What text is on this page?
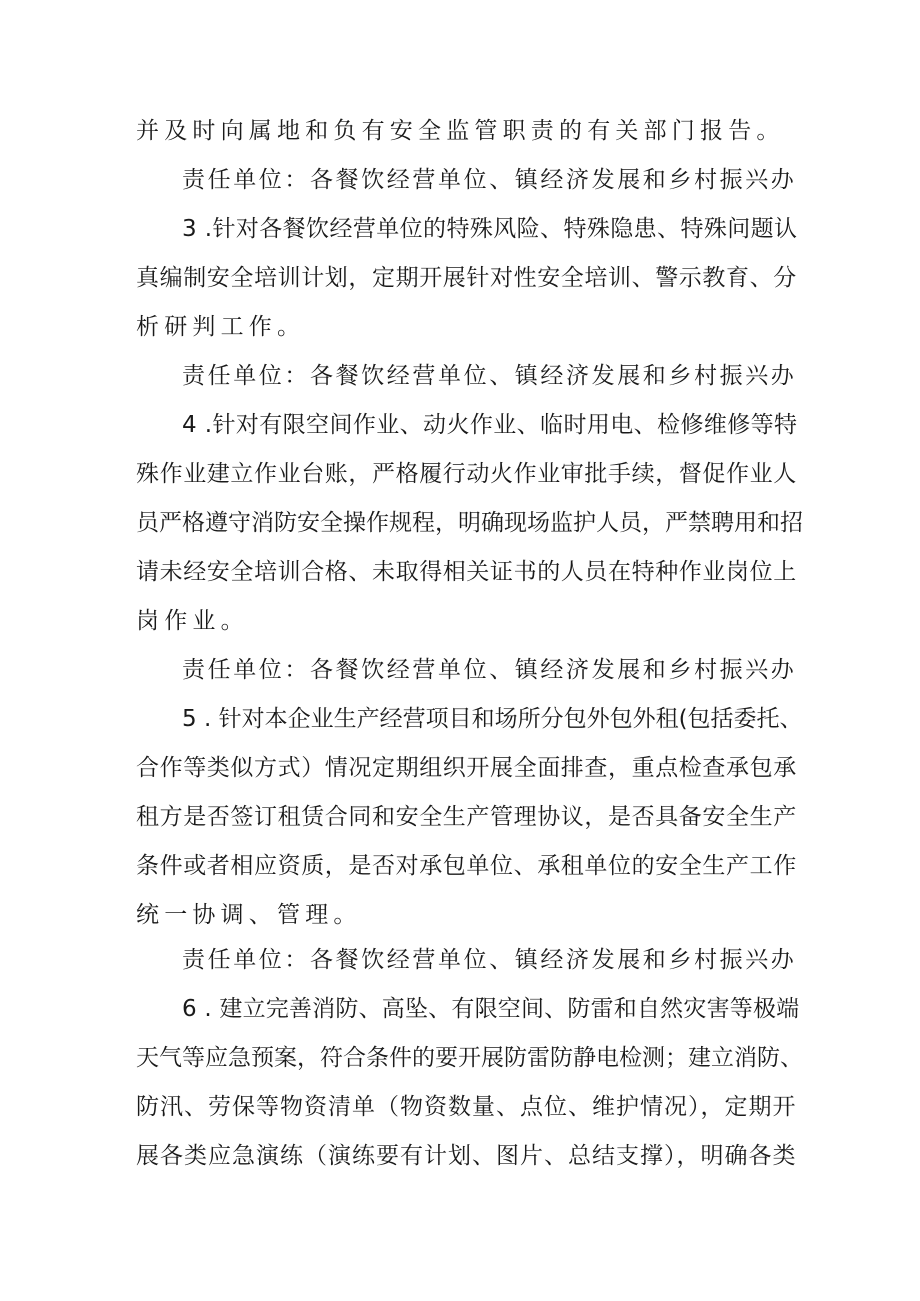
并及时向属地和负有安全监管职责的有关部门报告。
责任单位：各餐饮经营单位、镇经济发展和乡村振兴办
3 .针对各餐饮经营单位的特殊风险、特殊隐患、特殊问题认
真编制安全培训计划，定期开展针对性安全培训、警示教育、分
析研判工作。
责任单位：各餐饮经营单位、镇经济发展和乡村振兴办
4 .针对有限空间作业、动火作业、临时用电、检修维修等特
殊作业建立作业台账，严格履行动火作业审批手续，督促作业人
员严格遵守消防安全操作规程，明确现场监护人员，严禁聘用和招
请未经安全培训合格、未取得相关证书的人员在特种作业岗位上
岗作业。
责任单位：各餐饮经营单位、镇经济发展和乡村振兴办
5 . 针对本企业生产经营项目和场所分包外包外租(包括委托、
合作等类似方式）情况定期组织开展全面排查，重点检查承包承
租方是否签订租赁合同和安全生产管理协议，是否具备安全生产
条件或者相应资质，是否对承包单位、承租单位的安全生产工作
统一协调、管理。
责任单位：各餐饮经营单位、镇经济发展和乡村振兴办
6 . 建立完善消防、高坠、有限空间、防雷和自然灾害等极端
天气等应急预案，符合条件的要开展防雷防静电检测；建立消防、
防汛、劳保等物资清单（物资数量、点位、维护情况），定期开
展各类应急演练（演练要有计划、图片、总结支撑），明确各类
